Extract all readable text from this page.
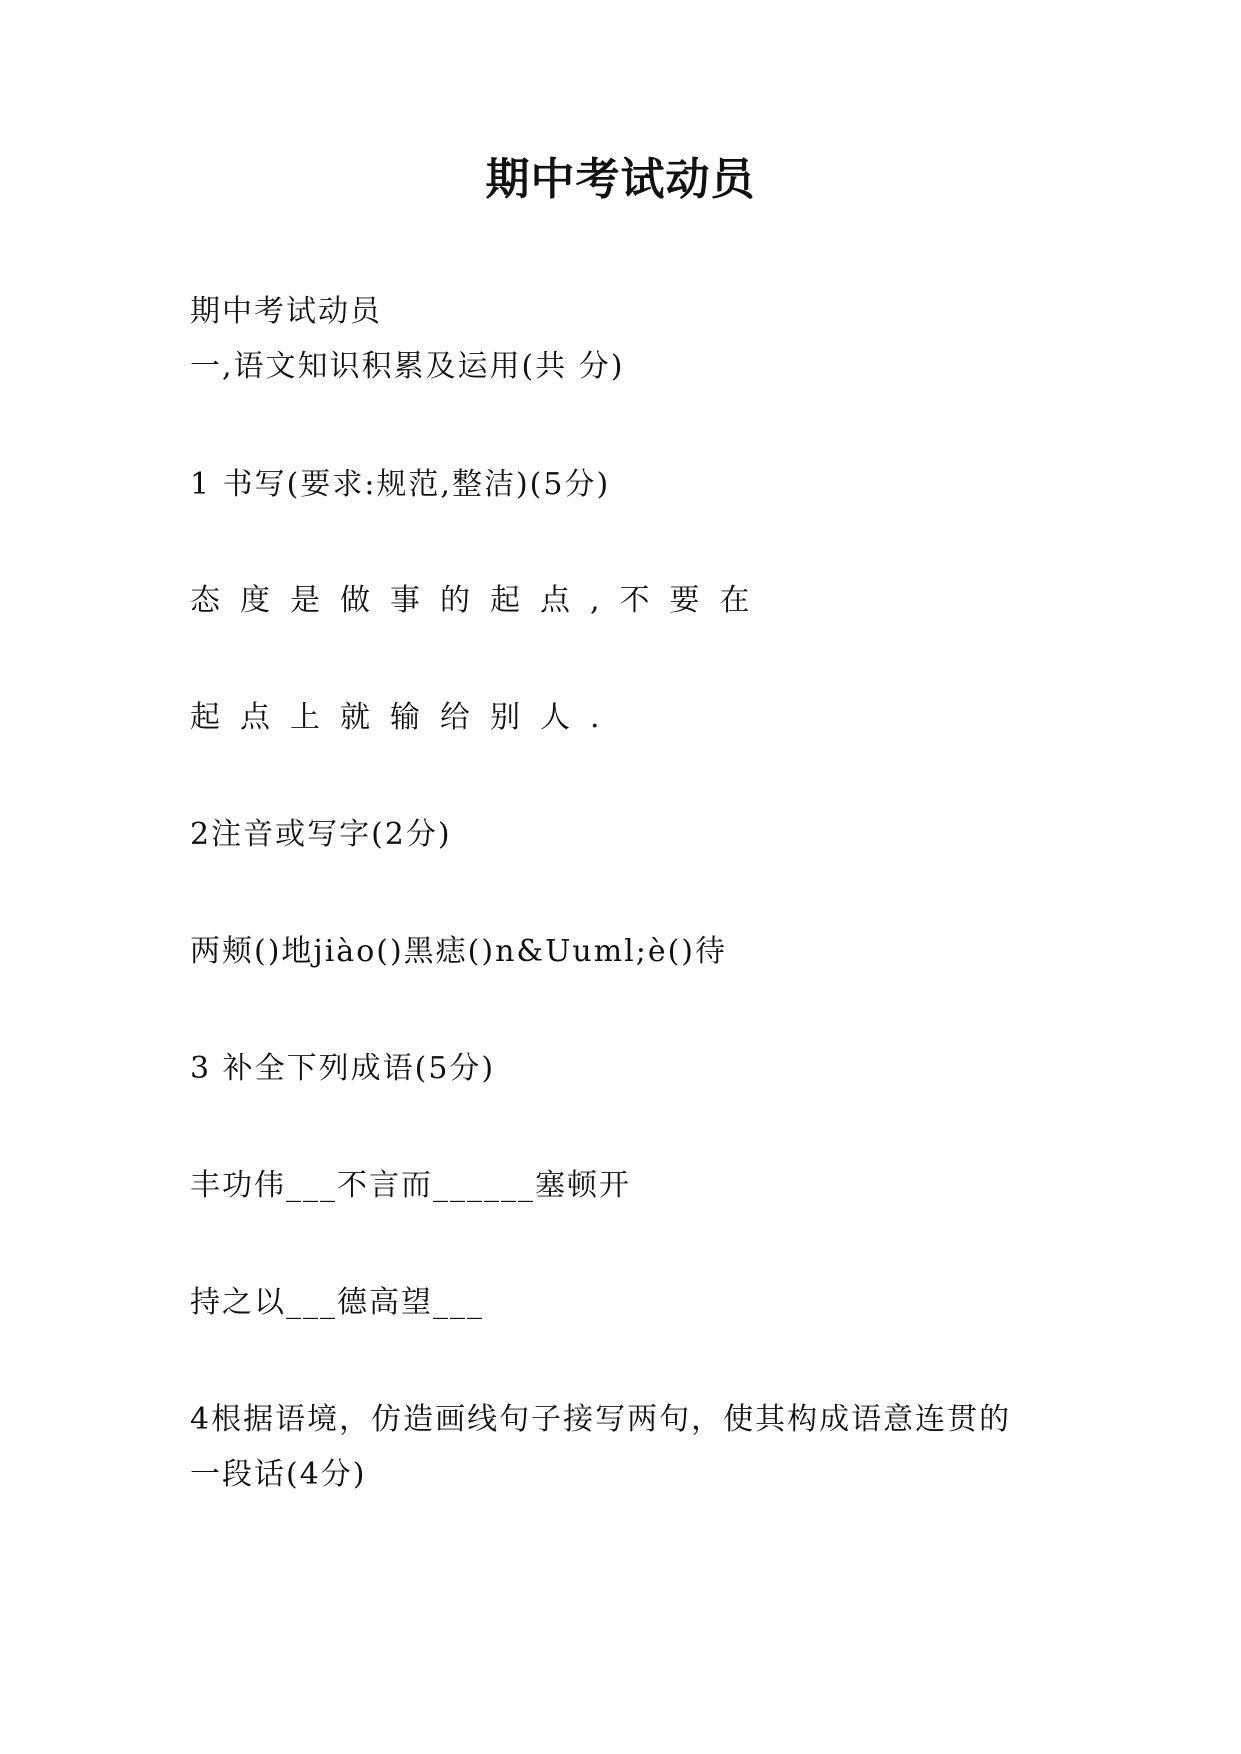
期中考试动员
期中考试动员
一,语文知识积累及运用(共 分)
1 书写(要求:规范,整洁)(5分)
态度是做事的起点,不要在
起点上就输给别人.
2注音或写字(2分)
两颊()地jiào()黑痣()n&Uuml;è()待
3 补全下列成语(5分)
丰功伟___不言而______塞顿开
持之以___德高望___
4根据语境，仿造画线句子接写两句，使其构成语意连贯的
一段话(4分)
